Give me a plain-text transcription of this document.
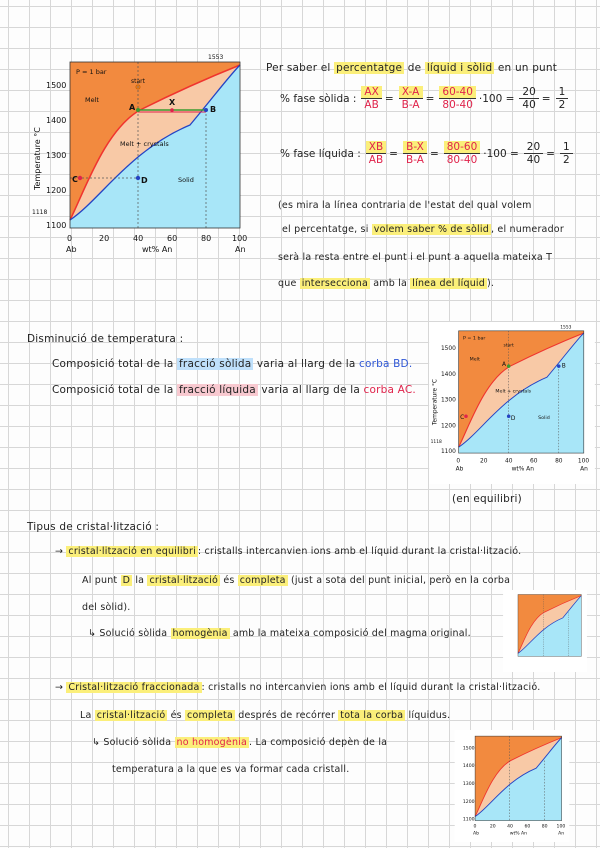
P = 1 bar
Melt
Melt + crystals
Solid
start
A	B
C	D
X
1553
1118
1500
1400
1300
1200
1100
0	20	40	60	80	100
Ab	An
wt% An
Temperature °C
Per saber el percentatge de líquid i sòlid en un punt
% fase sòlida : $\frac{AX}{AB} = \frac{X-A}{B-A} = \frac{60-40}{80-40} \cdot 100 = \frac{20}{40} = \frac{1}{2}$
% fase líquida : $\frac{XB}{AB} = \frac{B-X}{B-A} = \frac{80-60}{80-40} \cdot 100 = \frac{20}{40} = \frac{1}{2}$
(es mira la línea contraria de l'estat del qual volem
el percentatge, si volem saber % de sòlid , el numerador
serà la resta entre el punt i el punt a aquella mateixa T
que intersecciona amb la línea del líquid ).
Disminució de temperatura :
Composició total de la fracció sòlida varia al llarg de la corba BD.
Composició total de la fracció líquida varia al llarg de la corba AC.
P = 1 bar
Melt
Melt + crystals
Solid
start
A	B
C	D
1553
1118
1500
1400
1300
1200
1100
0 20 40 60 80 100
Ab	An
wt% An
Temperature °C
(en equilibri)
Tipus de cristal·lització :
→ cristal·lització en equilibri : cristalls intercanvien ions amb el líquid durant la cristal·lització.
Al punt D la cristal·lització és completa (just a sota del punt inicial, però en la corba
del sòlid).
↳ Solució sòlida homogènia amb la mateixa composició del magma original.
→ Cristal·lització fraccionada : cristalls no intercanvien ions amb el líquid durant la cristal·lització.
La cristal·lització és completa després de recórrer tota la corba líquidus.
↳ Solució sòlida no homogènia . La composició depèn de la
temperatura a la que es va formar cada cristall.
1500
1400
1300
1200
1100
0 20 40 60 80 100
Ab	An
wt% An
